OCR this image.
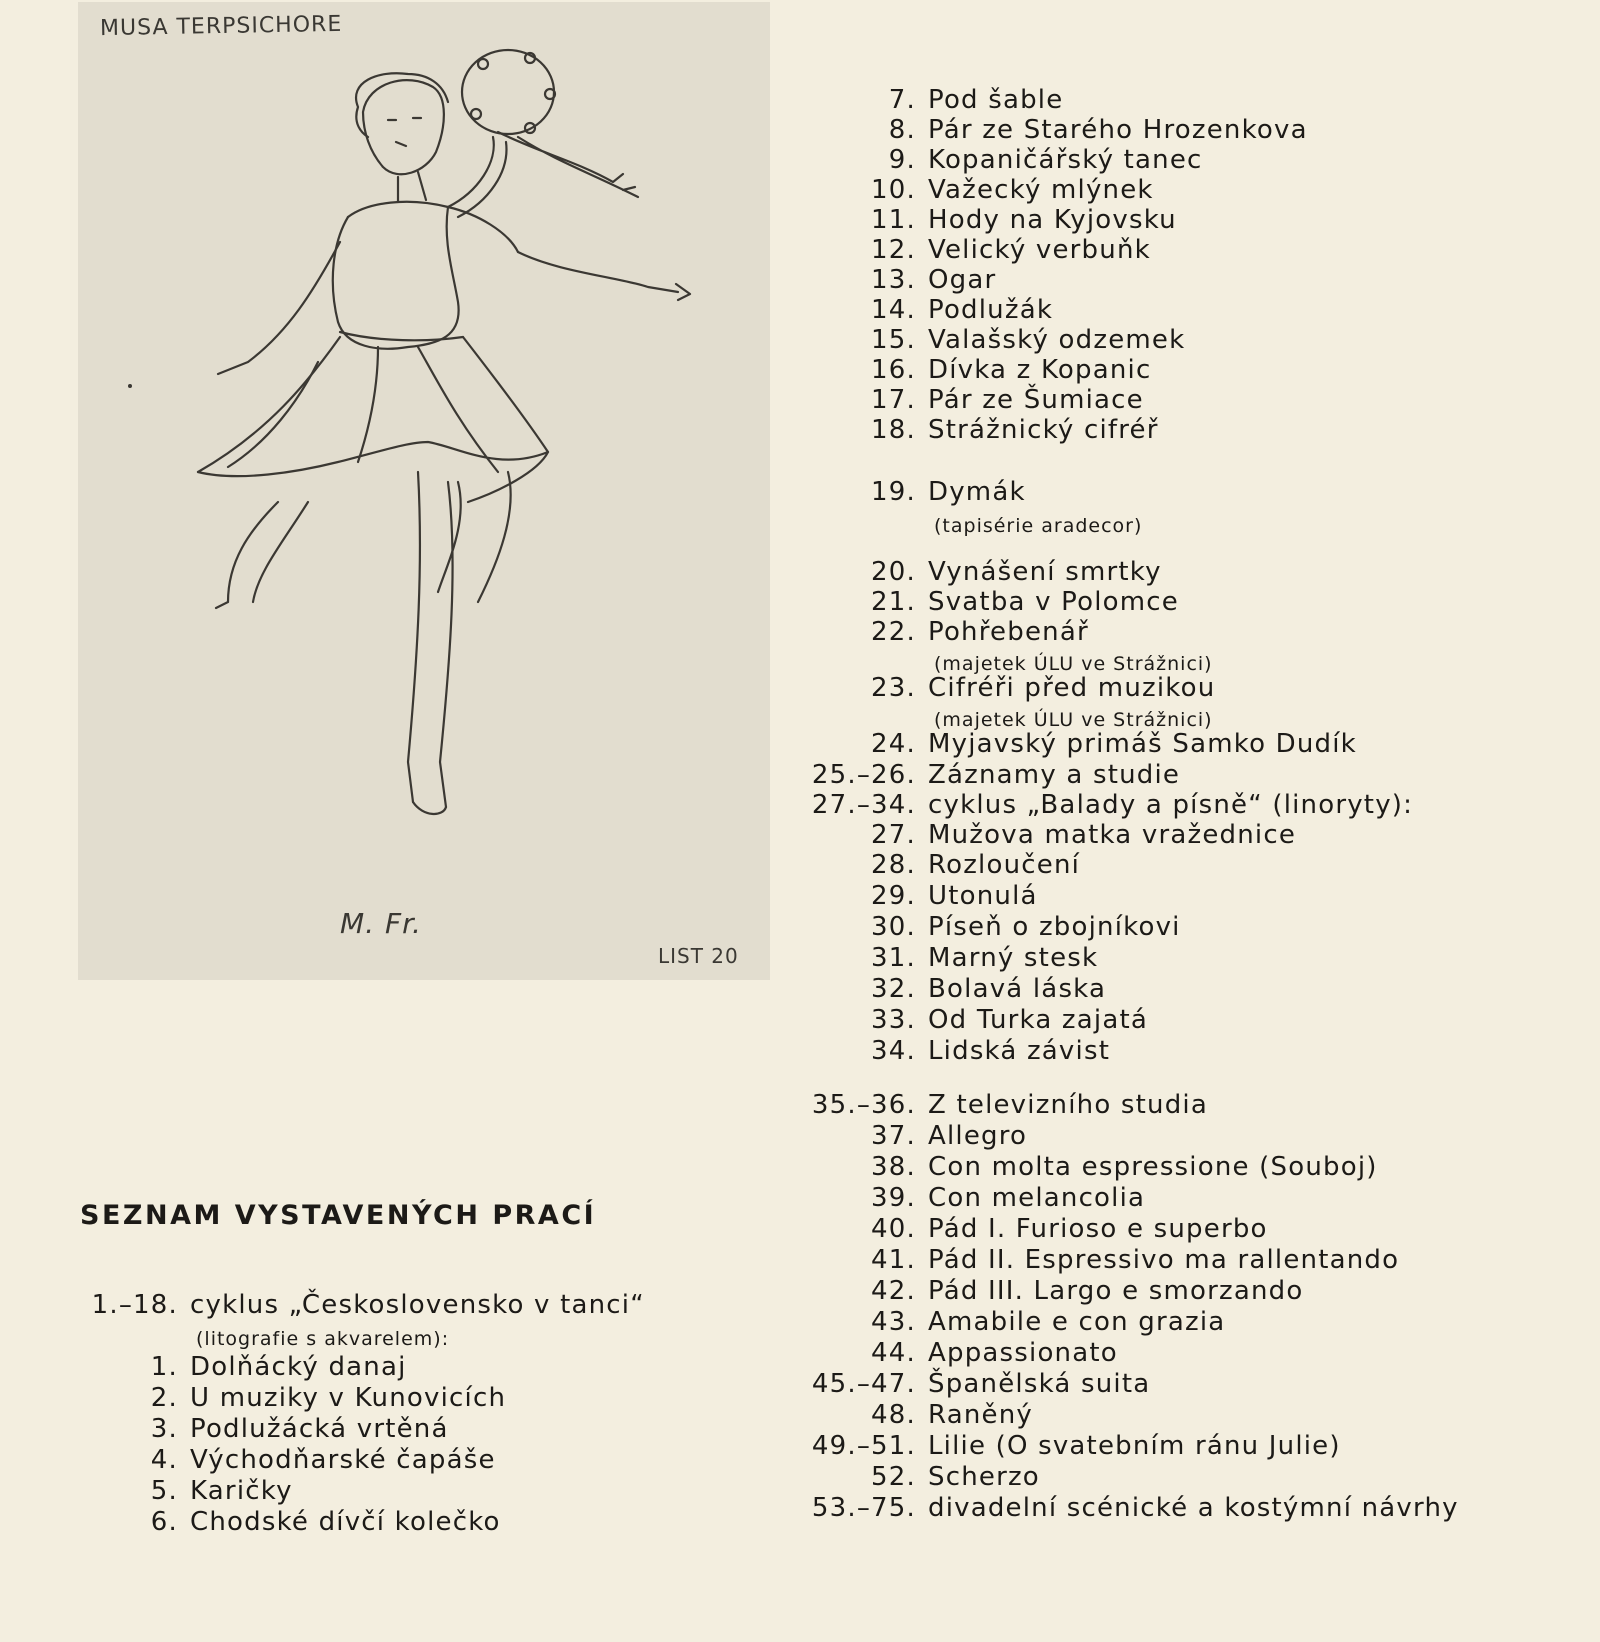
MUSA TERPSICHORE
M. Fr.
LIST 20
SEZNAM VYSTAVENÝCH PRACÍ
1.–18. cyklus „Československo v tanci“
(litografie s akvarelem):
1. Dolňácký danaj
2. U muziky v Kunovicích
3. Podlužácká vrtěná
4. Východňarské čapáše
5. Karičky
6. Chodské dívčí kolečko
7. Pod šable
8. Pár ze Starého Hrozenkova
9. Kopaničářský tanec
10. Važecký mlýnek
11. Hody na Kyjovsku
12. Velický verbuňk
13. Ogar
14. Podlužák
15. Valašský odzemek
16. Dívka z Kopanic
17. Pár ze Šumiace
18. Strážnický cifréř
19. Dymák
(tapisérie aradecor)
20. Vynášení smrtky
21. Svatba v Polomce
22. Pohřebenář
(majetek ÚLU ve Strážnici)
23. Cifréři před muzikou
(majetek ÚLU ve Strážnici)
24. Myjavský primáš Samko Dudík
25.–26. Záznamy a studie
27.–34. cyklus „Balady a písně“ (linoryty):
27. Mužova matka vražednice
28. Rozloučení
29. Utonulá
30. Píseň o zbojníkovi
31. Marný stesk
32. Bolavá láska
33. Od Turka zajatá
34. Lidská závist
35.–36. Z televizního studia
37. Allegro
38. Con molta espressione (Souboj)
39. Con melancolia
40. Pád I. Furioso e superbo
41. Pád II. Espressivo ma rallentando
42. Pád III. Largo e smorzando
43. Amabile e con grazia
44. Appassionato
45.–47. Španělská suita
48. Raněný
49.–51. Lilie (O svatebním ránu Julie)
52. Scherzo
53.–75. divadelní scénické a kostýmní návrhy
